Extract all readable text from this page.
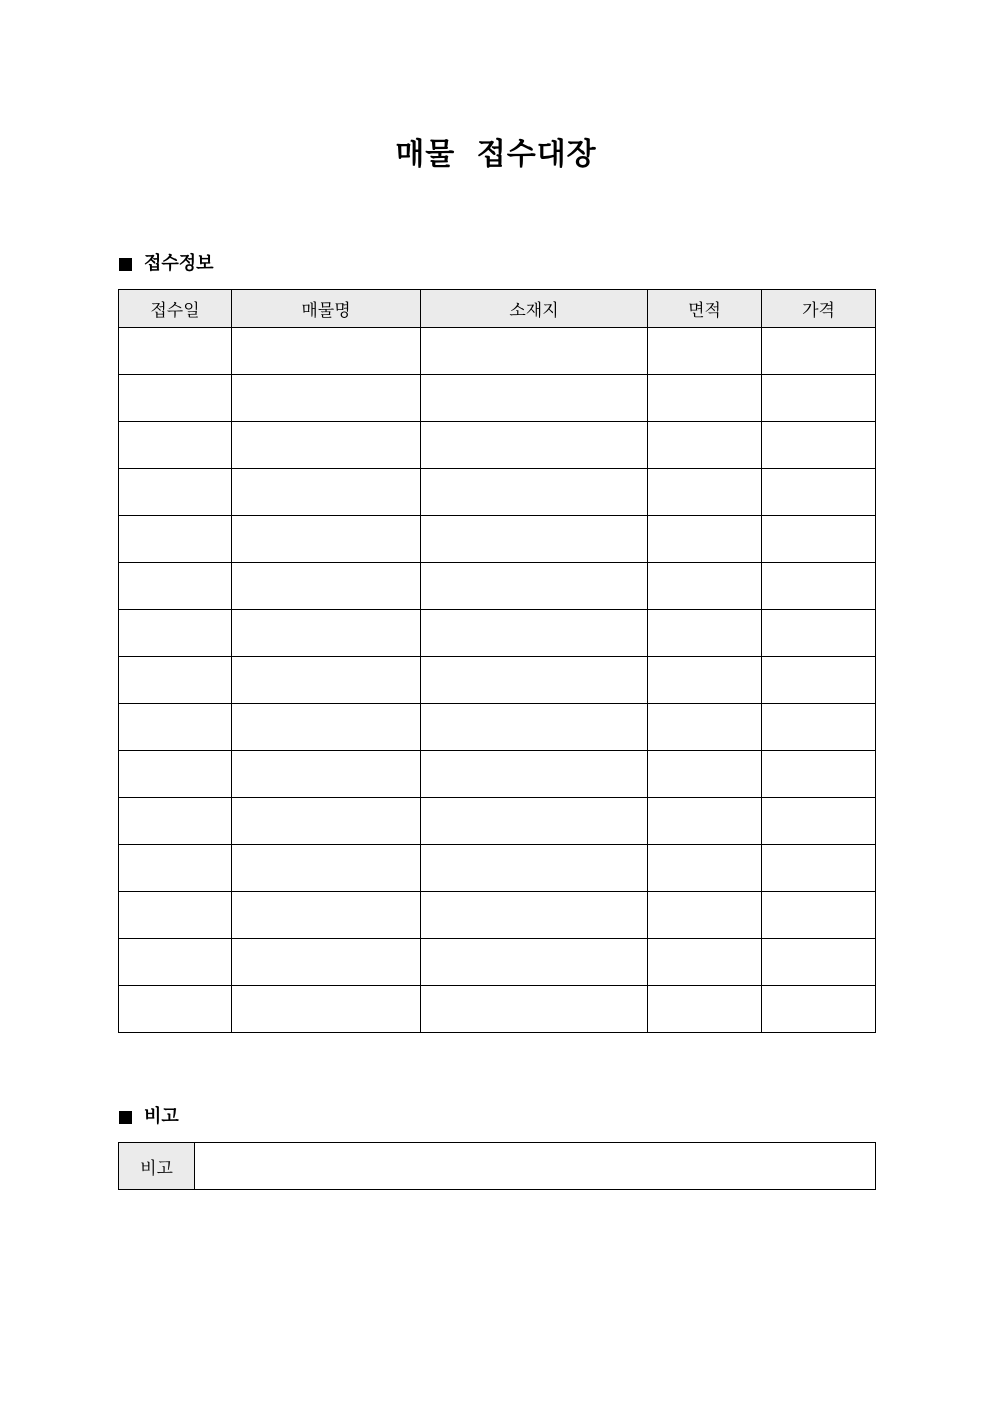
매물 접수대장
접수정보
접수일	매물명	소재지	면적	가격

비고
비고	
